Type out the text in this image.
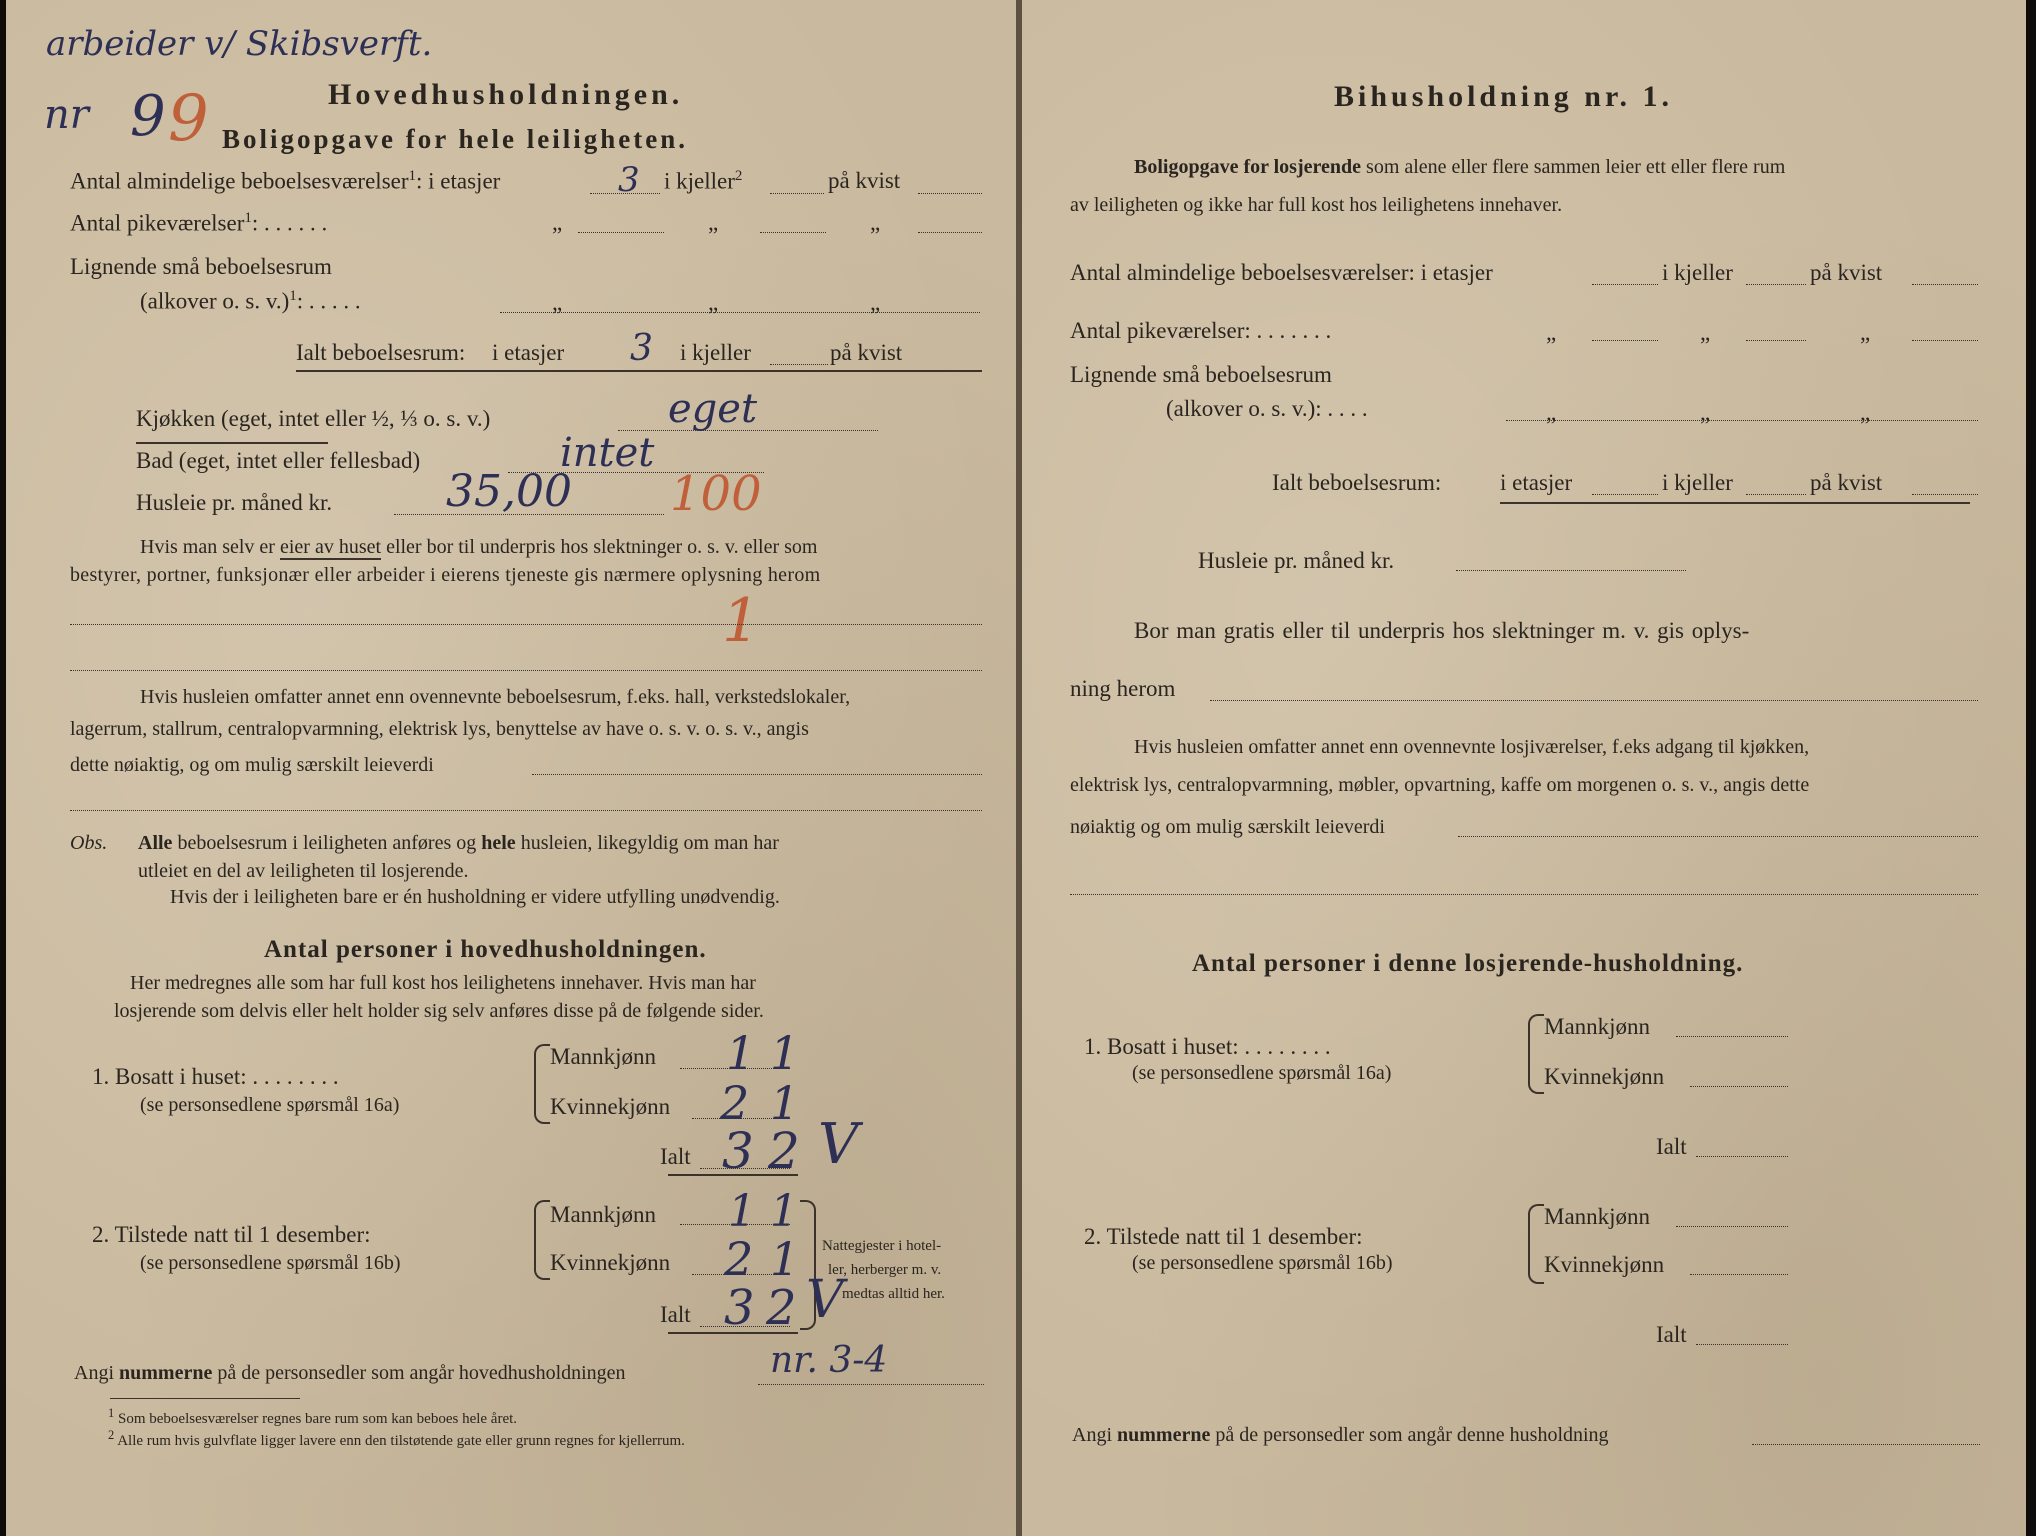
arbeider v/ Skibsverft.
nr 9 9	Hovedhusholdningen.
Boligopgave for hele leiligheten.
Antal almindelige beboelsesværelser$^1$: i etasjer	3 i kjeller$^2$	på kvist
Antal pikeværelser$^1$: . . . . . .	„	„	„
Lignende små beboelsesrum
(alkover o. s. v.)$^1$: . . . . .	„	„	„
Ialt beboelsesrum: i etasjer 3 i kjeller	på kvist
Kjøkken (eget, intet eller ½, ⅓ o. s. v.)	eget
Bad (eget, intet eller fellesbad)	intet
Husleie pr. måned kr.	35,00 100
Hvis man selv er eier av huset eller bor til underpris hos slektninger o. s. v. eller som
bestyrer, portner, funksjonær eller arbeider i eierens tjeneste gis nærmere oplysning herom
1
Hvis husleien omfatter annet enn ovennevnte beboelsesrum, f.eks. hall, verkstedslokaler,
lagerrum, stallrum, centralopvarmning, elektrisk lys, benyttelse av have o. s. v. o. s. v., angis
dette nøiaktig, og om mulig særskilt leieverdi
Obs. Alle beboelsesrum i leiligheten anføres og hele husleien, likegyldig om man har
utleiet en del av leiligheten til losjerende.
Hvis der i leiligheten bare er én husholdning er videre utfylling unødvendig.
Antal personer i hovedhusholdningen.
Her medregnes alle som har full kost hos leilighetens innehaver. Hvis man har
losjerende som delvis eller helt holder sig selv anføres disse på de følgende sider.
1. Bosatt i huset: . . . . . . . .
(se personsedlene spørsmål 16a)
Mannkjønn 1 1
Kvinnekjønn 2 1
Ialt 3 2 V
2. Tilstede natt til 1 desember:
(se personsedlene spørsmål 16b)
Mannkjønn 1 1
Kvinnekjønn 2 1 Nattegjester i hotel-
ler, herberger m. v.
medtas alltid her.
Ialt 3 2 V
Angi nummerne på de personsedler som angår hovedhusholdningen	nr. 3-4
$^1$ Som beboelsesværelser regnes bare rum som kan beboes hele året.
$^2$ Alle rum hvis gulvflate ligger lavere enn den tilstøtende gate eller grunn regnes for kjellerrum.
Bihusholdning nr. 1.
Boligopgave for losjerende som alene eller flere sammen leier ett eller flere rum
av leiligheten og ikke har full kost hos leilighetens innehaver.
Antal almindelige beboelsesværelser: i etasjer	i kjeller	på kvist
Antal pikeværelser: . . . . . . .	„	„	„
Lignende små beboelsesrum
(alkover o. s. v.): . . . .	„	„	„
Ialt beboelsesrum:	i etasjer	i kjeller	på kvist
Husleie pr. måned kr.
Bor man gratis eller til underpris hos slektninger m. v. gis oplys-
ning herom
Hvis husleien omfatter annet enn ovennevnte losjiværelser, f.eks adgang til kjøkken,
elektrisk lys, centralopvarmning, møbler, opvartning, kaffe om morgenen o. s. v., angis dette
nøiaktig og om mulig særskilt leieverdi
Antal personer i denne losjerende-husholdning.
1. Bosatt i huset: . . . . . . . .
(se personsedlene spørsmål 16a)
Mannkjønn
Kvinnekjønn
Ialt
2. Tilstede natt til 1 desember:
(se personsedlene spørsmål 16b)
Mannkjønn
Kvinnekjønn
Ialt
Angi nummerne på de personsedler som angår denne husholdning
